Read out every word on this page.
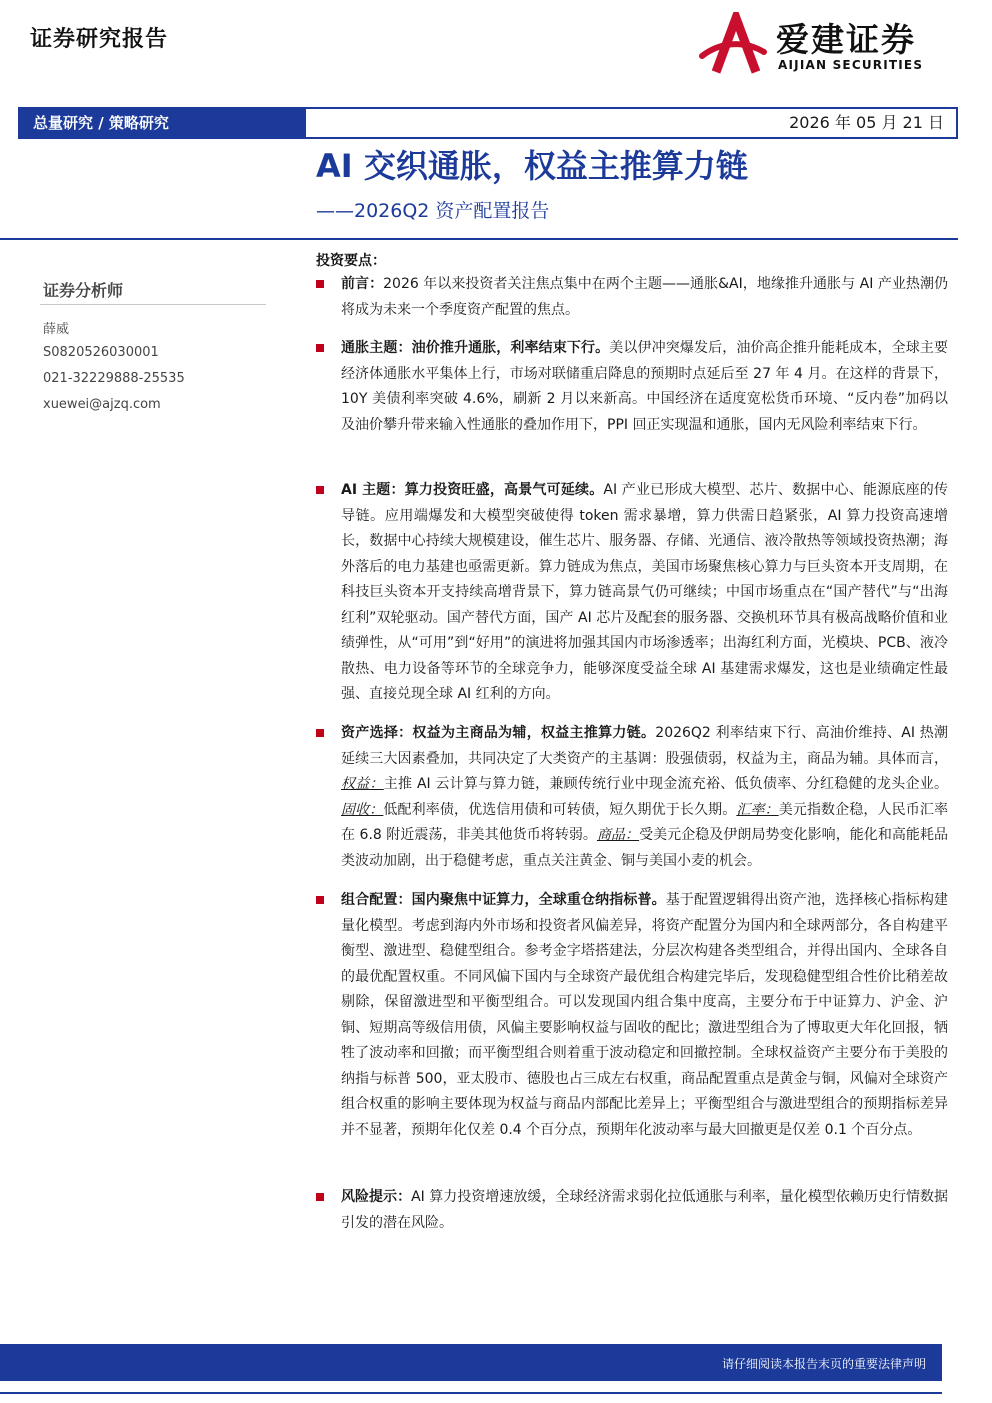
证券研究报告	爱建证券
AIJIAN SECURITIES
总量研究 / 策略研究	2026 年 05 月 21 日
AI 交织通胀，权益主推算力链
——2026Q2 资产配置报告
证券分析师
薛威
S0820526030001
021-32229888-25535
xuewei@ajzq.com
投资要点：
前言：2026 年以来投资者关注焦点集中在两个主题——通胀&AI，地缘推升通胀与 AI 产业热潮仍将成为未来一个季度资产配置的焦点。
通胀主题：油价推升通胀，利率结束下行。美以伊冲突爆发后，油价高企推升能耗成本，全球主要经济体通胀水平集体上行，市场对联储重启降息的预期时点延后至 27 年 4 月。在这样的背景下，10Y 美债利率突破 4.6%，刷新 2 月以来新高。中国经济在适度宽松货币环境、“反内卷”加码以及油价攀升带来输入性通胀的叠加作用下，PPI 回正实现温和通胀，国内无风险利率结束下行。
AI 主题：算力投资旺盛，高景气可延续。AI 产业已形成大模型、芯片、数据中心、能源底座的传导链。应用端爆发和大模型突破使得 token 需求暴增，算力供需日趋紧张，AI 算力投资高速增长，数据中心持续大规模建设，催生芯片、服务器、存储、光通信、液冷散热等领域投资热潮；海外落后的电力基建也亟需更新。算力链成为焦点，美国市场聚焦核心算力与巨头资本开支周期，在科技巨头资本开支持续高增背景下，算力链高景气仍可继续；中国市场重点在“国产替代”与“出海红利”双轮驱动。国产替代方面，国产 AI 芯片及配套的服务器、交换机环节具有极高战略价值和业绩弹性，从“可用”到“好用”的演进将加强其国内市场渗透率；出海红利方面，光模块、PCB、液冷散热、电力设备等环节的全球竞争力，能够深度受益全球 AI 基建需求爆发，这也是业绩确定性最强、直接兑现全球 AI 红利的方向。
资产选择：权益为主商品为辅，权益主推算力链。2026Q2 利率结束下行、高油价维持、AI 热潮延续三大因素叠加，共同决定了大类资产的主基调：股强债弱，权益为主，商品为辅。具体而言，权益：主推 AI 云计算与算力链，兼顾传统行业中现金流充裕、低负债率、分红稳健的龙头企业。固收：低配利率债，优选信用债和可转债，短久期优于长久期。汇率：美元指数企稳，人民币汇率在 6.8 附近震荡，非美其他货币将转弱。商品：受美元企稳及伊朗局势变化影响，能化和高能耗品类波动加剧，出于稳健考虑，重点关注黄金、铜与美国小麦的机会。
组合配置：国内聚焦中证算力，全球重仓纳指标普。基于配置逻辑得出资产池，选择核心指标构建量化模型。考虑到海内外市场和投资者风偏差异，将资产配置分为国内和全球两部分，各自构建平衡型、激进型、稳健型组合。参考金字塔搭建法，分层次构建各类型组合，并得出国内、全球各自的最优配置权重。不同风偏下国内与全球资产最优组合构建完毕后，发现稳健型组合性价比稍差故剔除，保留激进型和平衡型组合。可以发现国内组合集中度高，主要分布于中证算力、沪金、沪铜、短期高等级信用债，风偏主要影响权益与固收的配比；激进型组合为了博取更大年化回报，牺牲了波动率和回撤；而平衡型组合则着重于波动稳定和回撤控制。全球权益资产主要分布于美股的纳指与标普 500，亚太股市、德股也占三成左右权重，商品配置重点是黄金与铜，风偏对全球资产组合权重的影响主要体现为权益与商品内部配比差异上；平衡型组合与激进型组合的预期指标差异并不显著，预期年化仅差 0.4 个百分点，预期年化波动率与最大回撤更是仅差 0.1 个百分点。
风险提示：AI 算力投资增速放缓，全球经济需求弱化拉低通胀与利率，量化模型依赖历史行情数据引发的潜在风险。
请仔细阅读本报告末页的重要法律声明
